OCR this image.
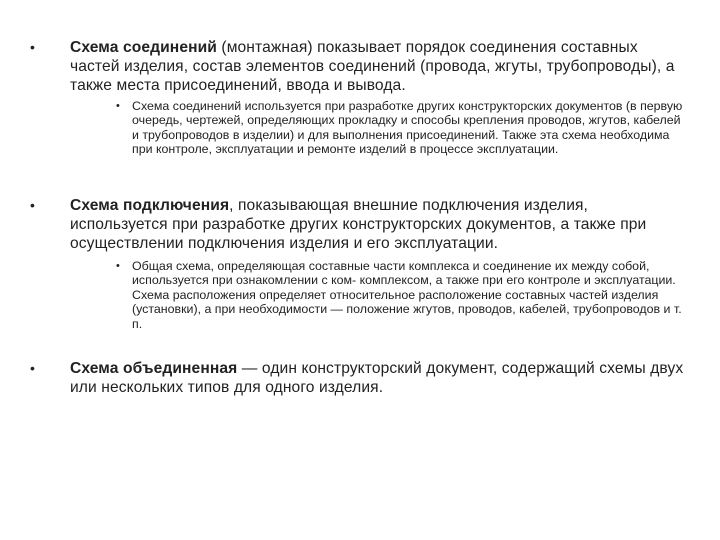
•	Схема соединений (монтажная) показывает порядок соединения составных частей изделия, состав элементов соединений (провода, жгуты, трубопроводы), а также места присоединений, ввода и вывода.
• Схема соединений используется при разработке других конструкторских документов (в первую очередь, чертежей, определяющих прокладку и способы крепления проводов, жгутов, кабелей и трубопроводов в изделии) и для выполнения присоединений. Также эта схема необходима при контроле, эксплуатации и ремонте изделий в процессе эксплуатации.
•	Схема подключения, показывающая внешние подключения изделия, используется при разработке других конструкторских документов, а также при осуществлении подключения изделия и его эксплуатации.
• Общая схема, определяющая составные части комплекса и соединение их между собой, используется при ознакомлении с ком- комплексом, а также при его контроле и эксплуатации. Схема расположения определяет относительное расположение составных частей изделия (установки), а при необходимости — положение жгутов, проводов, кабелей, трубопроводов и т. п.
•	Схема объединенная — один конструкторский документ, содержащий схемы двух или нескольких типов для одного изделия.
